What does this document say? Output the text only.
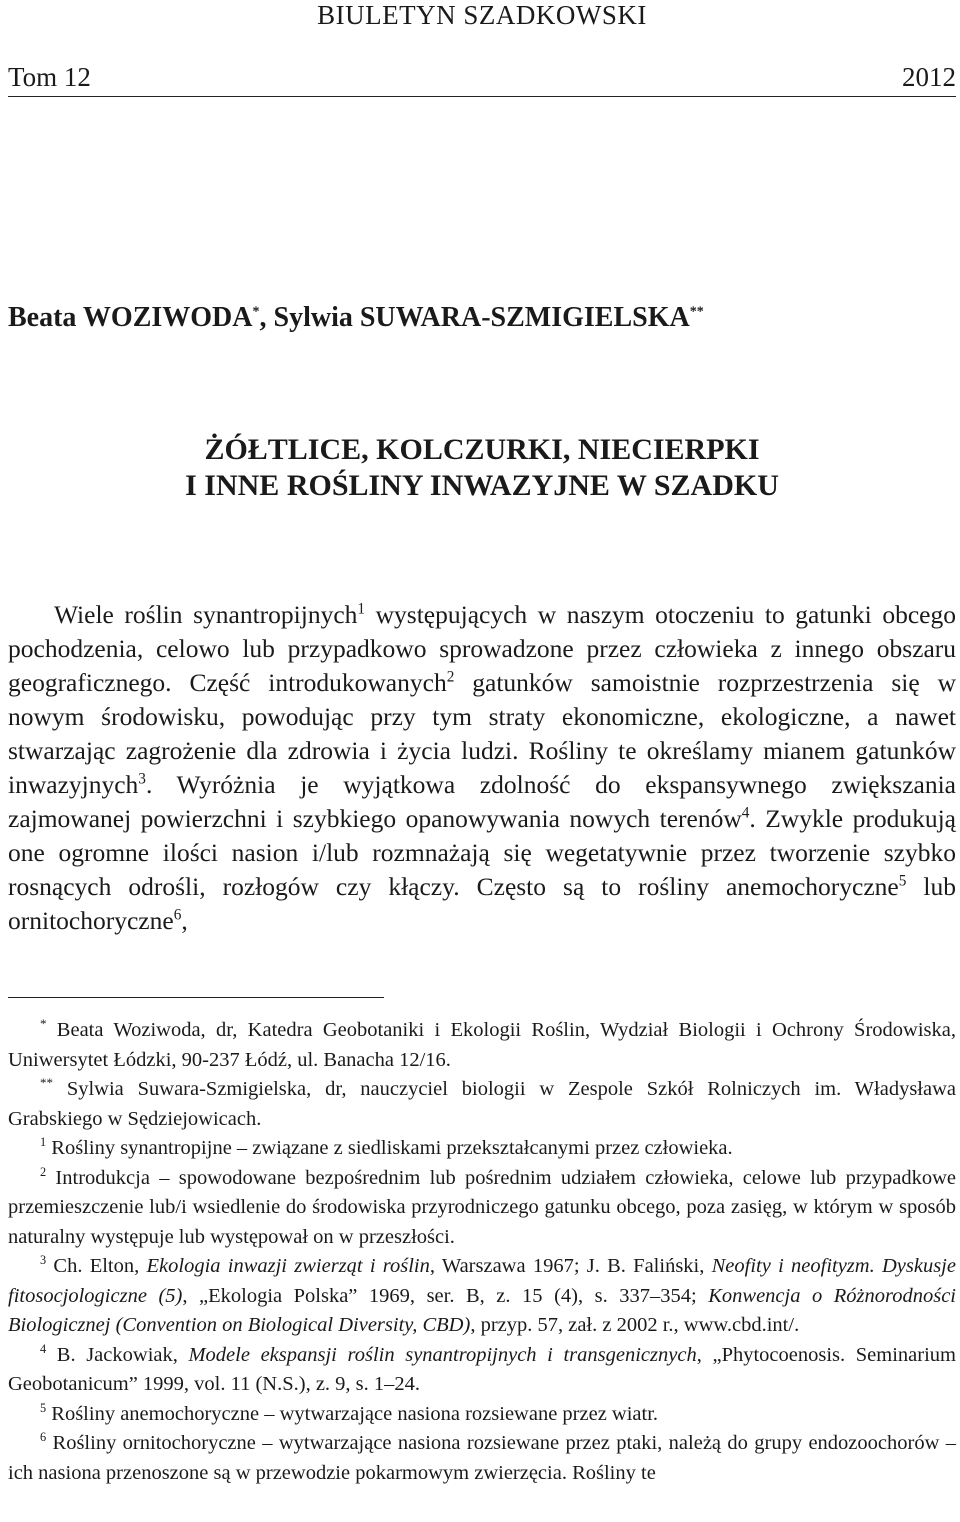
BIULETYN SZADKOWSKI
Tom 12	2012
Beata WOZIWODA*, Sylwia SUWARA-SZMIGIELSKA**
ŻÓŁTLICE, KOLCZURKI, NIECIERPKI
I INNE ROŚLINY INWAZYJNE W SZADKU
Wiele roślin synantropijnych$^1$ występujących w naszym otoczeniu to gatunki obcego pochodzenia, celowo lub przypadkowo sprowadzone przez człowieka z innego obszaru geograficznego. Część introdukowanych$^2$ gatunków samoistnie rozprzestrzenia się w nowym środowisku, powodując przy tym straty ekonomiczne, ekologiczne, a nawet stwarzając zagrożenie dla zdrowia i życia ludzi. Rośliny te określamy mianem gatunków inwazyjnych$^3$. Wyróżnia je wyjątkowa zdolność do ekspansywnego zwiększania zajmowanej powierzchni i szybkiego opanowywania nowych terenów$^4$. Zwykle produkują one ogromne ilości nasion i/lub rozmnażają się wegetatywnie przez tworzenie szybko rosnących odrośli, rozłogów czy kłączy. Często są to rośliny anemochoryczne$^5$ lub ornitochoryczne$^6$,

* Beata Woziwoda, dr, Katedra Geobotaniki i Ekologii Roślin, Wydział Biologii i Ochrony Środowiska, Uniwersytet Łódzki, 90-237 Łódź, ul. Banacha 12/16.

** Sylwia Suwara-Szmigielska, dr, nauczyciel biologii w Zespole Szkół Rolniczych im. Władysława Grabskiego w Sędziejowicach.

$^1$ Rośliny synantropijne – związane z siedliskami przekształcanymi przez człowieka.

$^2$ Introdukcja – spowodowane bezpośrednim lub pośrednim udziałem człowieka, celowe lub przypadkowe przemieszczenie lub/i wsiedlenie do środowiska przyrodniczego gatunku obcego, poza zasięg, w którym w sposób naturalny występuje lub występował on w przeszłości.

$^3$ Ch. Elton, Ekologia inwazji zwierząt i roślin, Warszawa 1967; J. B. Faliński, Neofity i neofityzm. Dyskusje fitosocjologiczne (5), „Ekologia Polska” 1969, ser. B, z. 15 (4), s. 337–354; Konwencja o Różnorodności Biologicznej (Convention on Biological Diversity, CBD), przyp. 57, zał. z 2002 r., www.cbd.int/.

$^4$ B. Jackowiak, Modele ekspansji roślin synantropijnych i transgenicznych, „Phytocoenosis. Seminarium Geobotanicum” 1999, vol. 11 (N.S.), z. 9, s. 1–24.

$^5$ Rośliny anemochoryczne – wytwarzające nasiona rozsiewane przez wiatr.

$^6$ Rośliny ornitochoryczne – wytwarzające nasiona rozsiewane przez ptaki, należą do grupy endozoochorów – ich nasiona przenoszone są w przewodzie pokarmowym zwierzęcia. Rośliny te
